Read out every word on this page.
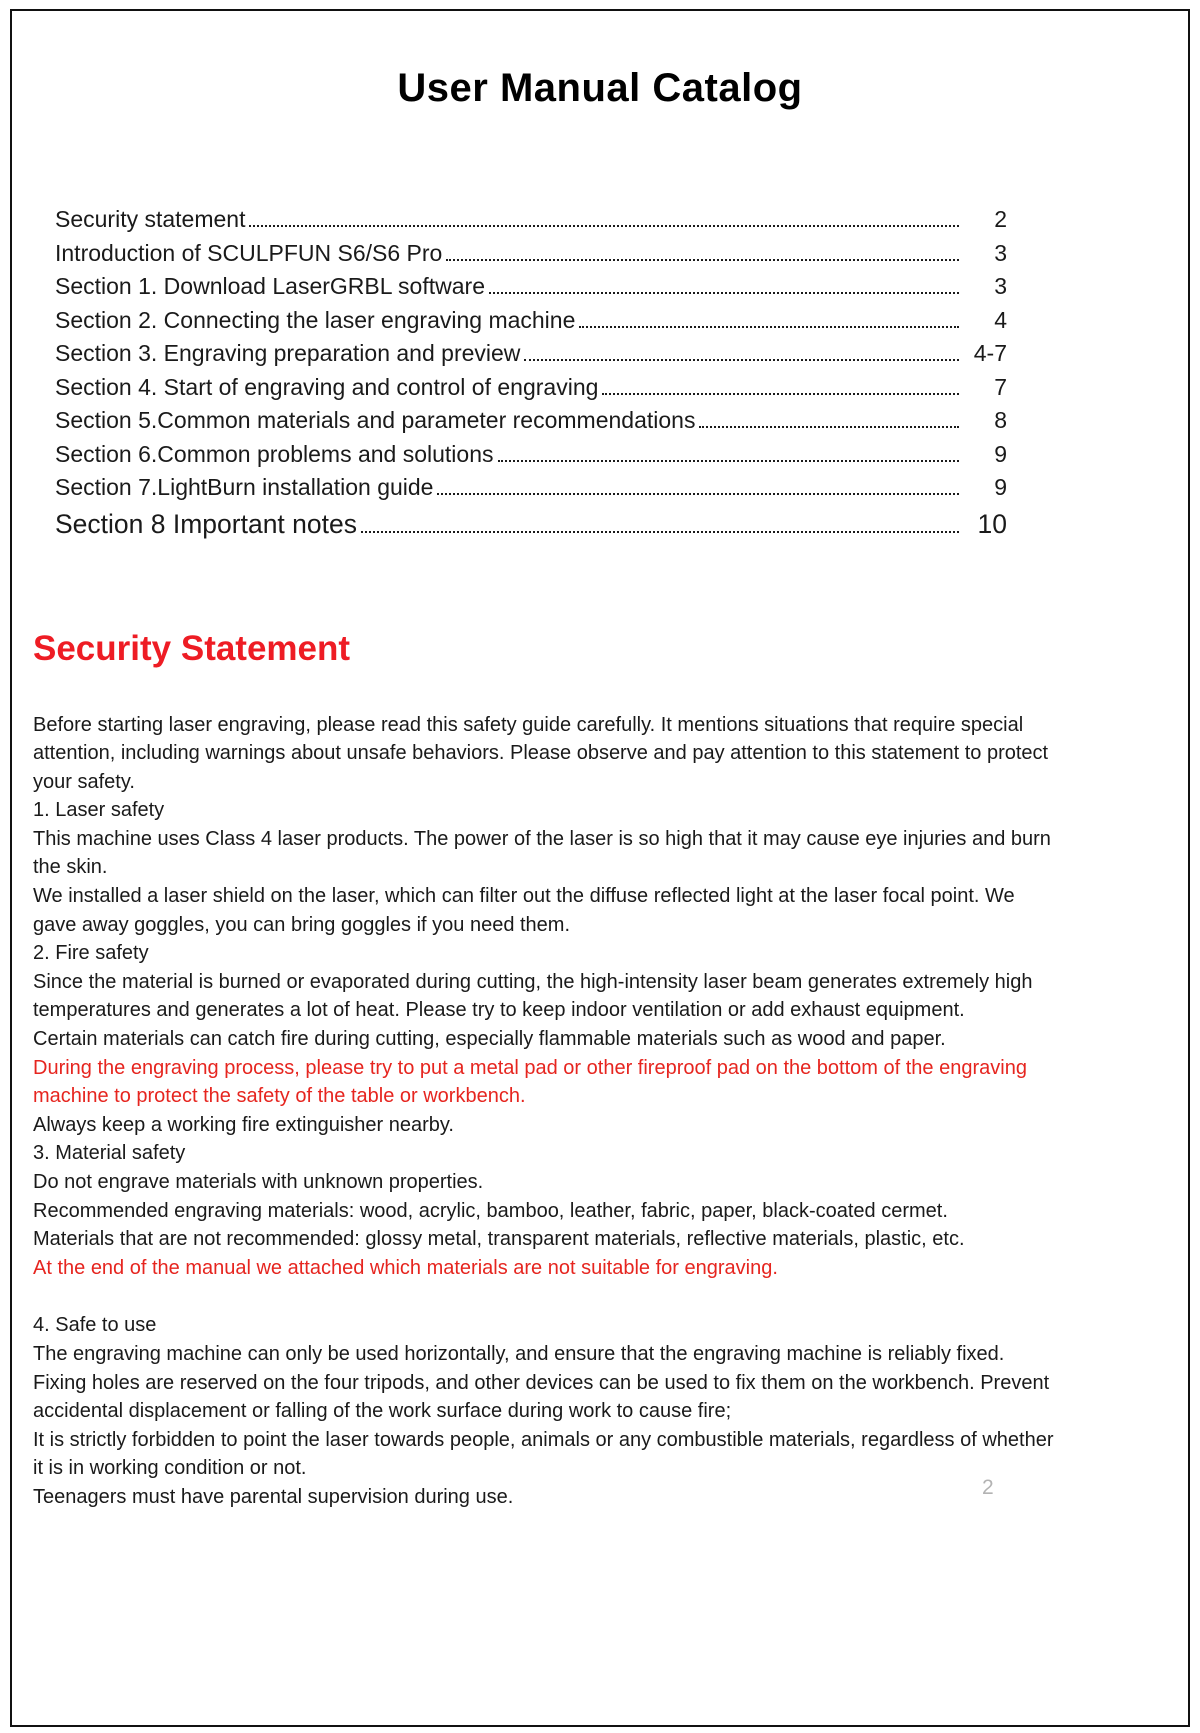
User Manual Catalog
Security statement	2
Introduction of SCULPFUN S6/S6 Pro	3
Section 1. Download LaserGRBL software	3
Section 2. Connecting the laser engraving machine	4
Section 3. Engraving preparation and preview	4-7
Section 4. Start of engraving and control of engraving	7
Section 5.Common materials and parameter recommendations	8
Section 6.Common problems and solutions	9
Section 7.LightBurn installation guide	9
Section 8 Important notes	10
Security Statement

Before starting laser engraving, please read this safety guide carefully. It mentions situations that require special attention, including warnings about unsafe behaviors. Please observe and pay attention to this statement to protect your safety.

1. Laser safety

This machine uses Class 4 laser products. The power of the laser is so high that it may cause eye injuries and burn the skin.

We installed a laser shield on the laser, which can filter out the diffuse reflected light at the laser focal point. We gave away goggles, you can bring goggles if you need them.

2. Fire safety

Since the material is burned or evaporated during cutting, the high-intensity laser beam generates extremely high temperatures and generates a lot of heat. Please try to keep indoor ventilation or add exhaust equipment.

Certain materials can catch fire during cutting, especially flammable materials such as wood and paper.

During the engraving process, please try to put a metal pad or other fireproof pad on the bottom of the engraving machine to protect the safety of the table or workbench.

Always keep a working fire extinguisher nearby.

3. Material safety

Do not engrave materials with unknown properties.

Recommended engraving materials: wood, acrylic, bamboo, leather, fabric, paper, black-coated cermet.

Materials that are not recommended: glossy metal, transparent materials, reflective materials, plastic, etc.

At the end of the manual we attached which materials are not suitable for engraving.

4. Safe to use

The engraving machine can only be used horizontally, and ensure that the engraving machine is reliably fixed. Fixing holes are reserved on the four tripods, and other devices can be used to fix them on the workbench. Prevent accidental displacement or falling of the work surface during work to cause fire;

It is strictly forbidden to point the laser towards people, animals or any combustible materials, regardless of whether it is in working condition or not.

Teenagers must have parental supervision during use.	2
